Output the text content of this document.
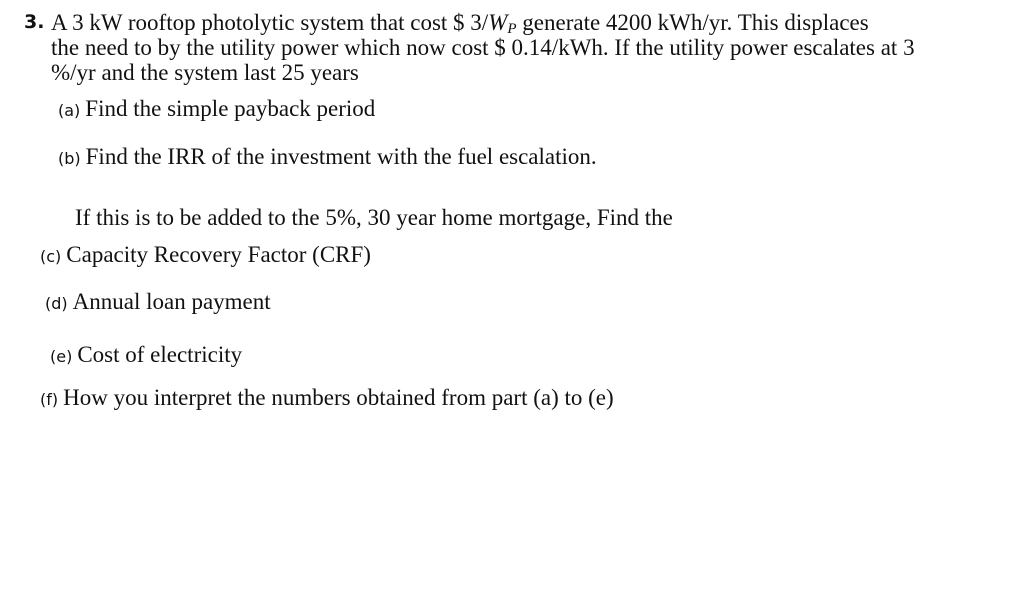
3. A 3 kW rooftop photolytic system that cost $ $3/W_P$ generate 4200 kWh/yr. This displaces
the need to by the utility power which now cost $ 0.14/kWh. If the utility power escalates at 3
%/yr and the system last 25 years
(a) Find the simple payback period
(b) Find the IRR of the investment with the fuel escalation.
If this is to be added to the 5%, 30 year home mortgage, Find the
(c) Capacity Recovery Factor (CRF)
(d) Annual loan payment
(e) Cost of electricity
(f) How you interpret the numbers obtained from part (a) to (e)
